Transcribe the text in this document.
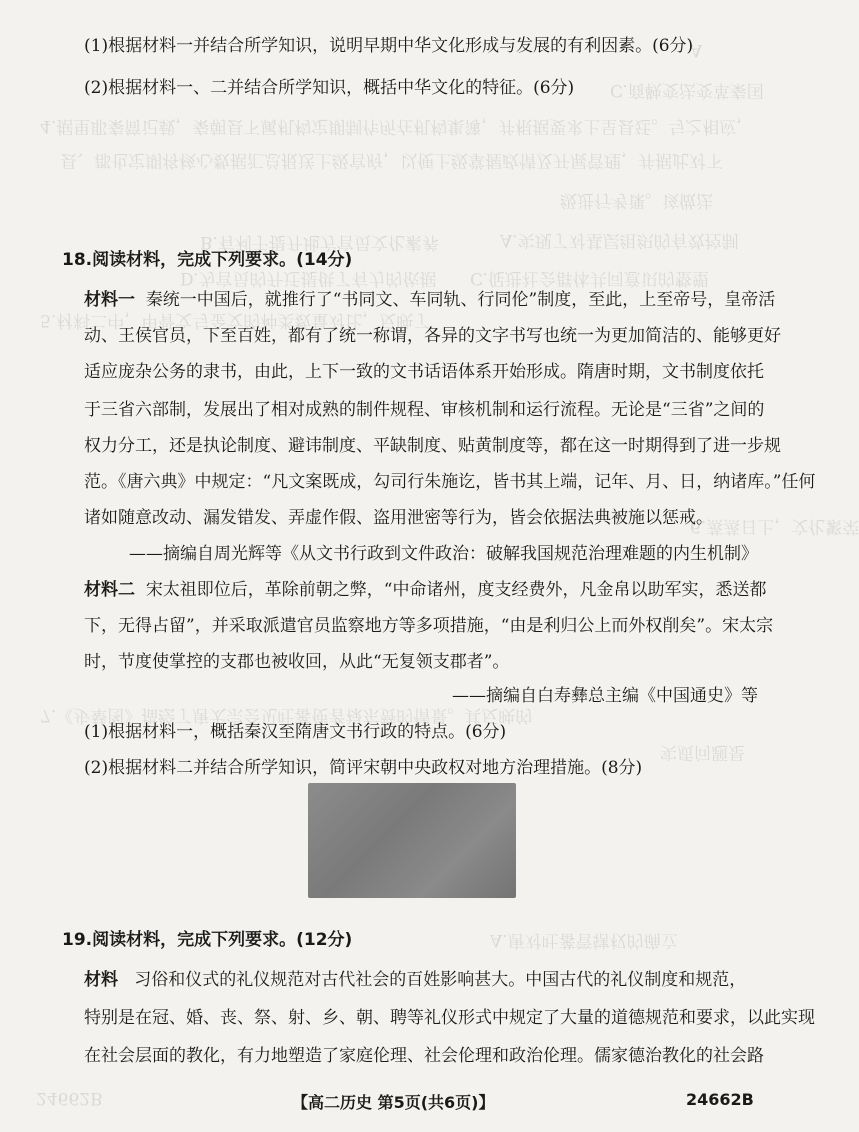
A
C.商鞅变法变革秦国
4.据里耶秦简记载，秦朝县下属机构定期制作所在机构集簿，并根据要求上呈县廷。与之相应，
县、郡也定期将核心数据汇总报送上级官府，以便上级掌握政情及开展管理，并据此对下
级进行考课。该做法
A.实现了对基层组织的有效控制
B.有利于提升地方官员文化素养
C.促进社会群体共同意识的整塑
D.为官员的升迁提供了有力的依据
5.材料二中，甲骨文与金文的种类数量对比，反映了
6.蒸蒸日上，文化繁荣
7.《步辇图》描绘了唐太宗会见吐蕃使者禄东赞的情景。其反映的
实质问题是
A.唐对吐蕃管辖权的确立
24662B
(1)根据材料一并结合所学知识，说明早期中华文化形成与发展的有利因素。(6分)
(2)根据材料一、二并结合所学知识，概括中华文化的特征。(6分)
18.阅读材料，完成下列要求。(14分)
材料一 秦统一中国后，就推行了“书同文、车同轨、行同伦”制度，至此，上至帝号，皇帝活
动、王侯官员，下至百姓，都有了统一称谓，各异的文字书写也统一为更加简洁的、能够更好
适应庞杂公务的隶书，由此，上下一致的文书话语体系开始形成。隋唐时期，文书制度依托
于三省六部制，发展出了相对成熟的制件规程、审核机制和运行流程。无论是“三省”之间的
权力分工，还是执论制度、避讳制度、平缺制度、贴黄制度等，都在这一时期得到了进一步规
范。《唐六典》中规定：“凡文案既成，勾司行朱施讫，皆书其上端，记年、月、日，纳诸库。”任何
诸如随意改动、漏发错发、弄虚作假、盗用泄密等行为，皆会依据法典被施以惩戒。
——摘编自周光辉等《从文书行政到文件政治：破解我国规范治理难题的内生机制》
材料二 宋太祖即位后，革除前朝之弊，“中命诸州，度支经费外，凡金帛以助军实，悉送都
下，无得占留”，并采取派遣官员监察地方等多项措施，“由是利归公上而外权削矣”。宋太宗
时，节度使掌控的支郡也被收回，从此“无复领支郡者”。
——摘编自白寿彝总主编《中国通史》等
(1)根据材料一，概括秦汉至隋唐文书行政的特点。(6分)
(2)根据材料二并结合所学知识，简评宋朝中央政权对地方治理措施。(8分)
19.阅读材料，完成下列要求。(12分)
材料 习俗和仪式的礼仪规范对古代社会的百姓影响甚大。中国古代的礼仪制度和规范，
特别是在冠、婚、丧、祭、射、乡、朝、聘等礼仪形式中规定了大量的道德规范和要求，以此实现
在社会层面的教化，有力地塑造了家庭伦理、社会伦理和政治伦理。儒家德治教化的社会路
【高二历史 第5页(共6页)】	24662B
